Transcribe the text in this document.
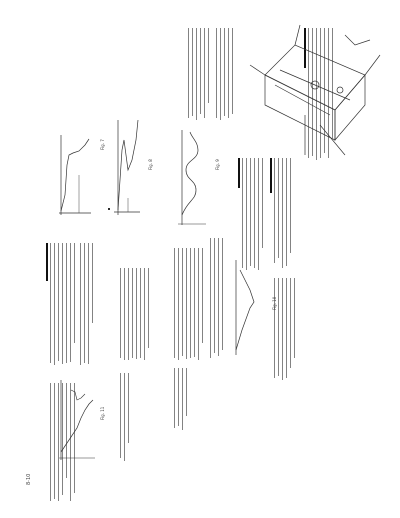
Fig. 7
Fig. 8	Fig. 9
Fig. 10
Fig. 11
8-10
